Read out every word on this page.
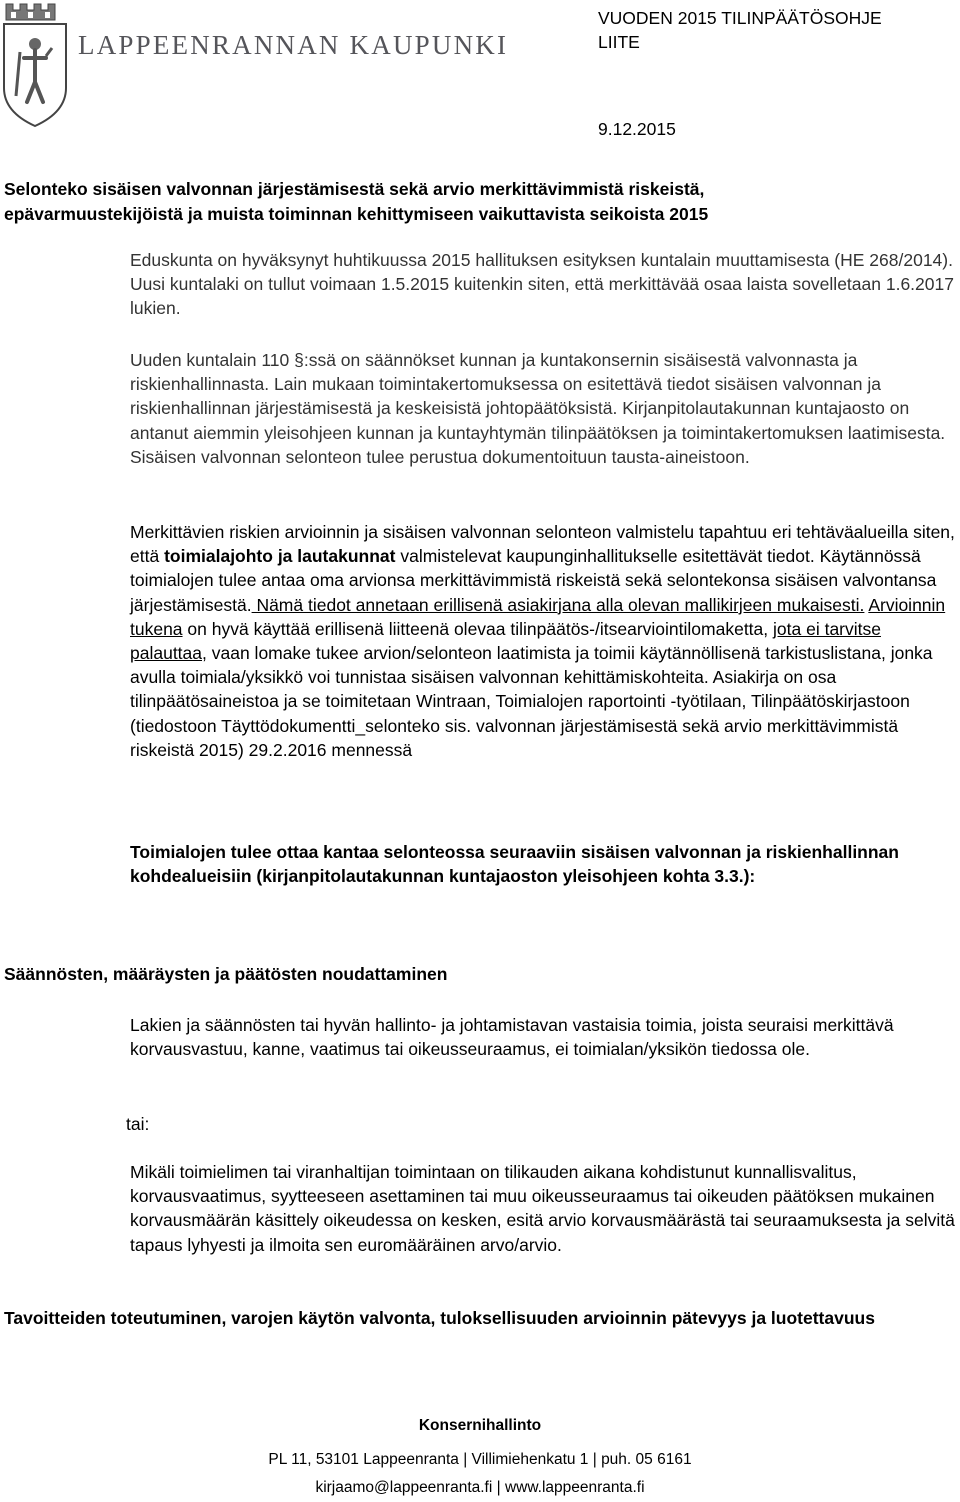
LAPPEENRANNAN KAUPUNKI
VUODEN 2015 TILINPÄÄTÖSOHJE
LIITE
9.12.2015
Selonteko sisäisen valvonnan järjestämisestä sekä arvio merkittävimmistä riskeistä,
epävarmuustekijöistä ja muista toiminnan kehittymiseen vaikuttavista seikoista 2015
Eduskunta on hyväksynyt huhtikuussa 2015 hallituksen esityksen kuntalain muuttamisesta (HE 268/2014). Uusi kuntalaki on tullut voimaan 1.5.2015 kuitenkin siten, että merkittävää osaa laista sovelletaan 1.6.2017 lukien.
Uuden kuntalain 110 §:ssä on säännökset kunnan ja kuntakonsernin sisäisestä valvonnasta ja riskienhallinnasta. Lain mukaan toimintakertomuksessa on esitettävä tiedot sisäisen valvonnan ja riskienhallinnan järjestämisestä ja keskeisistä johtopäätöksistä. Kirjanpitolautakunnan kuntajaosto on antanut aiemmin yleisohjeen kunnan ja kuntayhtymän tilinpäätöksen ja toimintakertomuksen laatimisesta. Sisäisen valvonnan selonteon tulee perustua dokumentoituun tausta-aineistoon.
Merkittävien riskien arvioinnin ja sisäisen valvonnan selonteon valmistelu tapahtuu eri tehtäväalueilla siten, että toimialajohto ja lautakunnat valmistelevat kaupunginhallitukselle esitettävät tiedot. Käytännössä toimialojen tulee antaa oma arvionsa merkittävimmistä riskeistä sekä selontekonsa sisäisen valvontansa järjestämisestä. Nämä tiedot annetaan erillisenä asiakirjana alla olevan mallikirjeen mukaisesti. Arvioinnin tukena on hyvä käyttää erillisenä liitteenä olevaa tilinpäätös-/itsearviointilomaketta, jota ei tarvitse palauttaa, vaan lomake tukee arvion/selonteon laatimista ja toimii käytännöllisenä tarkistuslistana, jonka avulla toimiala/yksikkö voi tunnistaa sisäisen valvonnan kehittämiskohteita. Asiakirja on osa tilinpäätösaineistoa ja se toimitetaan Wintraan, Toimialojen raportointi -työtilaan, Tilinpäätöskirjastoon (tiedostoon Täyttödokumentti_selonteko sis. valvonnan järjestämisestä sekä arvio merkittävimmistä riskeistä 2015) 29.2.2016 mennessä
Toimialojen tulee ottaa kantaa selonteossa seuraaviin sisäisen valvonnan ja riskienhallinnan kohdealueisiin (kirjanpitolautakunnan kuntajaoston yleisohjeen kohta 3.3.):
Säännösten, määräysten ja päätösten noudattaminen
Lakien ja säännösten tai hyvän hallinto- ja johtamistavan vastaisia toimia, joista seuraisi merkittävä korvausvastuu, kanne, vaatimus tai oikeusseuraamus, ei toimialan/yksikön tiedossa ole.
tai:
Mikäli toimielimen tai viranhaltijan toimintaan on tilikauden aikana kohdistunut kunnallisvalitus, korvausvaatimus, syytteeseen asettaminen tai muu oikeusseuraamus tai oikeuden päätöksen mukainen korvausmäärän käsittely oikeudessa on kesken, esitä arvio korvausmäärästä tai seuraamuksesta ja selvitä tapaus lyhyesti ja ilmoita sen euromääräinen arvo/arvio.
Tavoitteiden toteutuminen, varojen käytön valvonta, tuloksellisuuden arvioinnin pätevyys ja luotettavuus
Konsernihallinto
PL 11, 53101 Lappeenranta | Villimiehenkatu 1 | puh. 05 6161
kirjaamo@lappeenranta.fi | www.lappeenranta.fi
